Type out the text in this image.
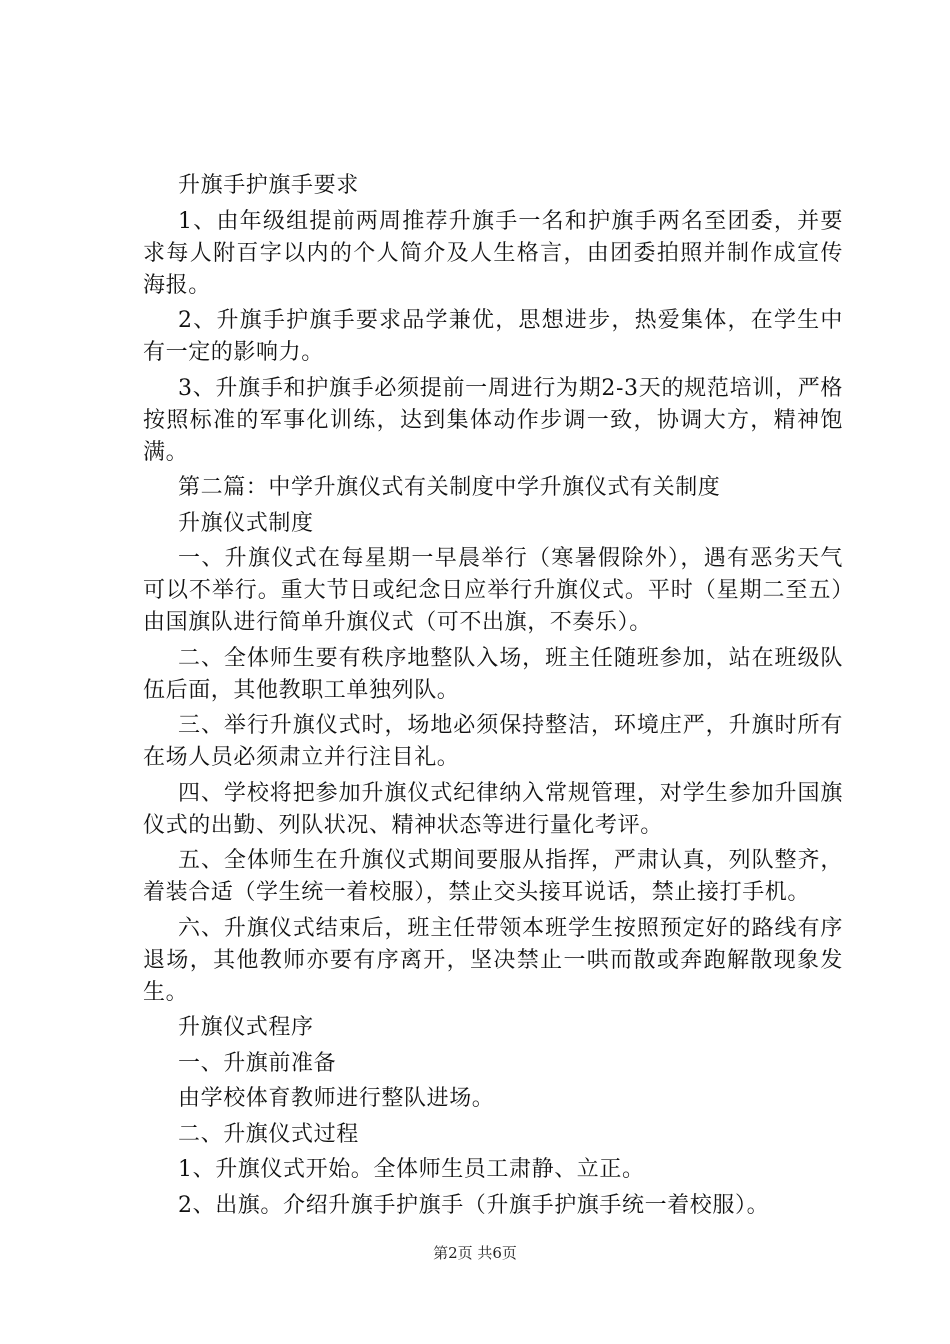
升旗手护旗手要求

1、由年级组提前两周推荐升旗手一名和护旗手两名至团委，并要求每人附百字以内的个人简介及人生格言，由团委拍照并制作成宣传海报。

2、升旗手护旗手要求品学兼优，思想进步，热爱集体，在学生中有一定的影响力。

3、升旗手和护旗手必须提前一周进行为期2-3天的规范培训，严格按照标准的军事化训练，达到集体动作步调一致，协调大方，精神饱满。

第二篇：中学升旗仪式有关制度中学升旗仪式有关制度

升旗仪式制度

一、升旗仪式在每星期一早晨举行（寒暑假除外），遇有恶劣天气可以不举行。重大节日或纪念日应举行升旗仪式。平时（星期二至五）由国旗队进行简单升旗仪式（可不出旗，不奏乐）。

二、全体师生要有秩序地整队入场，班主任随班参加，站在班级队伍后面，其他教职工单独列队。

三、举行升旗仪式时，场地必须保持整洁，环境庄严，升旗时所有在场人员必须肃立并行注目礼。

四、学校将把参加升旗仪式纪律纳入常规管理，对学生参加升国旗仪式的出勤、列队状况、精神状态等进行量化考评。

五、全体师生在升旗仪式期间要服从指挥，严肃认真，列队整齐，着装合适（学生统一着校服），禁止交头接耳说话，禁止接打手机。

六、升旗仪式结束后，班主任带领本班学生按照预定好的路线有序退场，其他教师亦要有序离开，坚决禁止一哄而散或奔跑解散现象发生。

升旗仪式程序

一、升旗前准备

由学校体育教师进行整队进场。

二、升旗仪式过程

1、升旗仪式开始。全体师生员工肃静、立正。

2、出旗。介绍升旗手护旗手（升旗手护旗手统一着校服）。

第2页 共6页
